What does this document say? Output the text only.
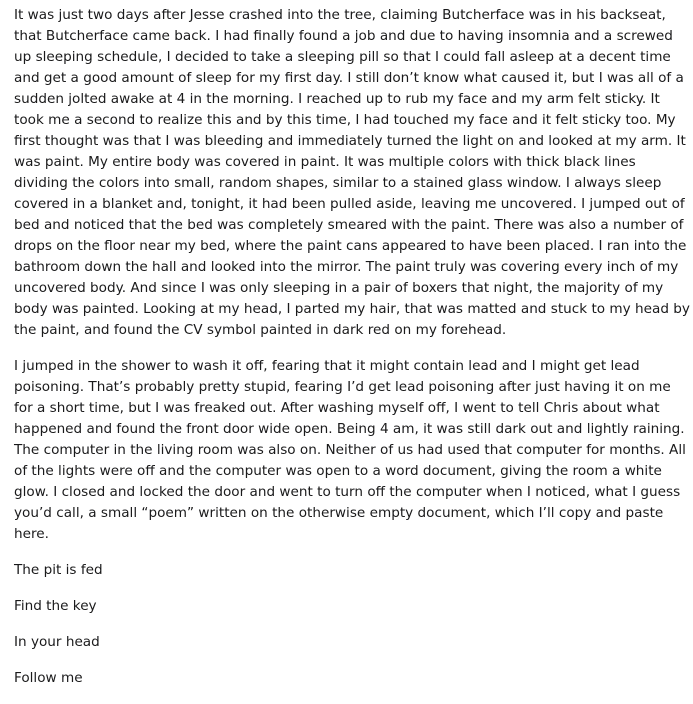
It was just two days after Jesse crashed into the tree, claiming Butcherface was in his backseat, that Butcherface came back. I had finally found a job and due to having insomnia and a screwed up sleeping schedule, I decided to take a sleeping pill so that I could fall asleep at a decent time and get a good amount of sleep for my first day. I still don’t know what caused it, but I was all of a sudden jolted awake at 4 in the morning. I reached up to rub my face and my arm felt sticky. It took me a second to realize this and by this time, I had touched my face and it felt sticky too. My first thought was that I was bleeding and immediately turned the light on and looked at my arm. It was paint. My entire body was covered in paint. It was multiple colors with thick black lines dividing the colors into small, random shapes, similar to a stained glass window. I always sleep covered in a blanket and, tonight, it had been pulled aside, leaving me uncovered. I jumped out of bed and noticed that the bed was completely smeared with the paint. There was also a number of drops on the floor near my bed, where the paint cans appeared to have been placed. I ran into the bathroom down the hall and looked into the mirror. The paint truly was covering every inch of my uncovered body. And since I was only sleeping in a pair of boxers that night, the majority of my body was painted. Looking at my head, I parted my hair, that was matted and stuck to my head by the paint, and found the CV symbol painted in dark red on my forehead.

I jumped in the shower to wash it off, fearing that it might contain lead and I might get lead poisoning. That’s probably pretty stupid, fearing I’d get lead poisoning after just having it on me for a short time, but I was freaked out. After washing myself off, I went to tell Chris about what happened and found the front door wide open. Being 4 am, it was still dark out and lightly raining. The computer in the living room was also on. Neither of us had used that computer for months. All of the lights were off and the computer was open to a word document, giving the room a white glow. I closed and locked the door and went to turn off the computer when I noticed, what I guess you’d call, a small “poem” written on the otherwise empty document, which I’ll copy and paste here.

The pit is fed

Find the key

In your head

Follow me
